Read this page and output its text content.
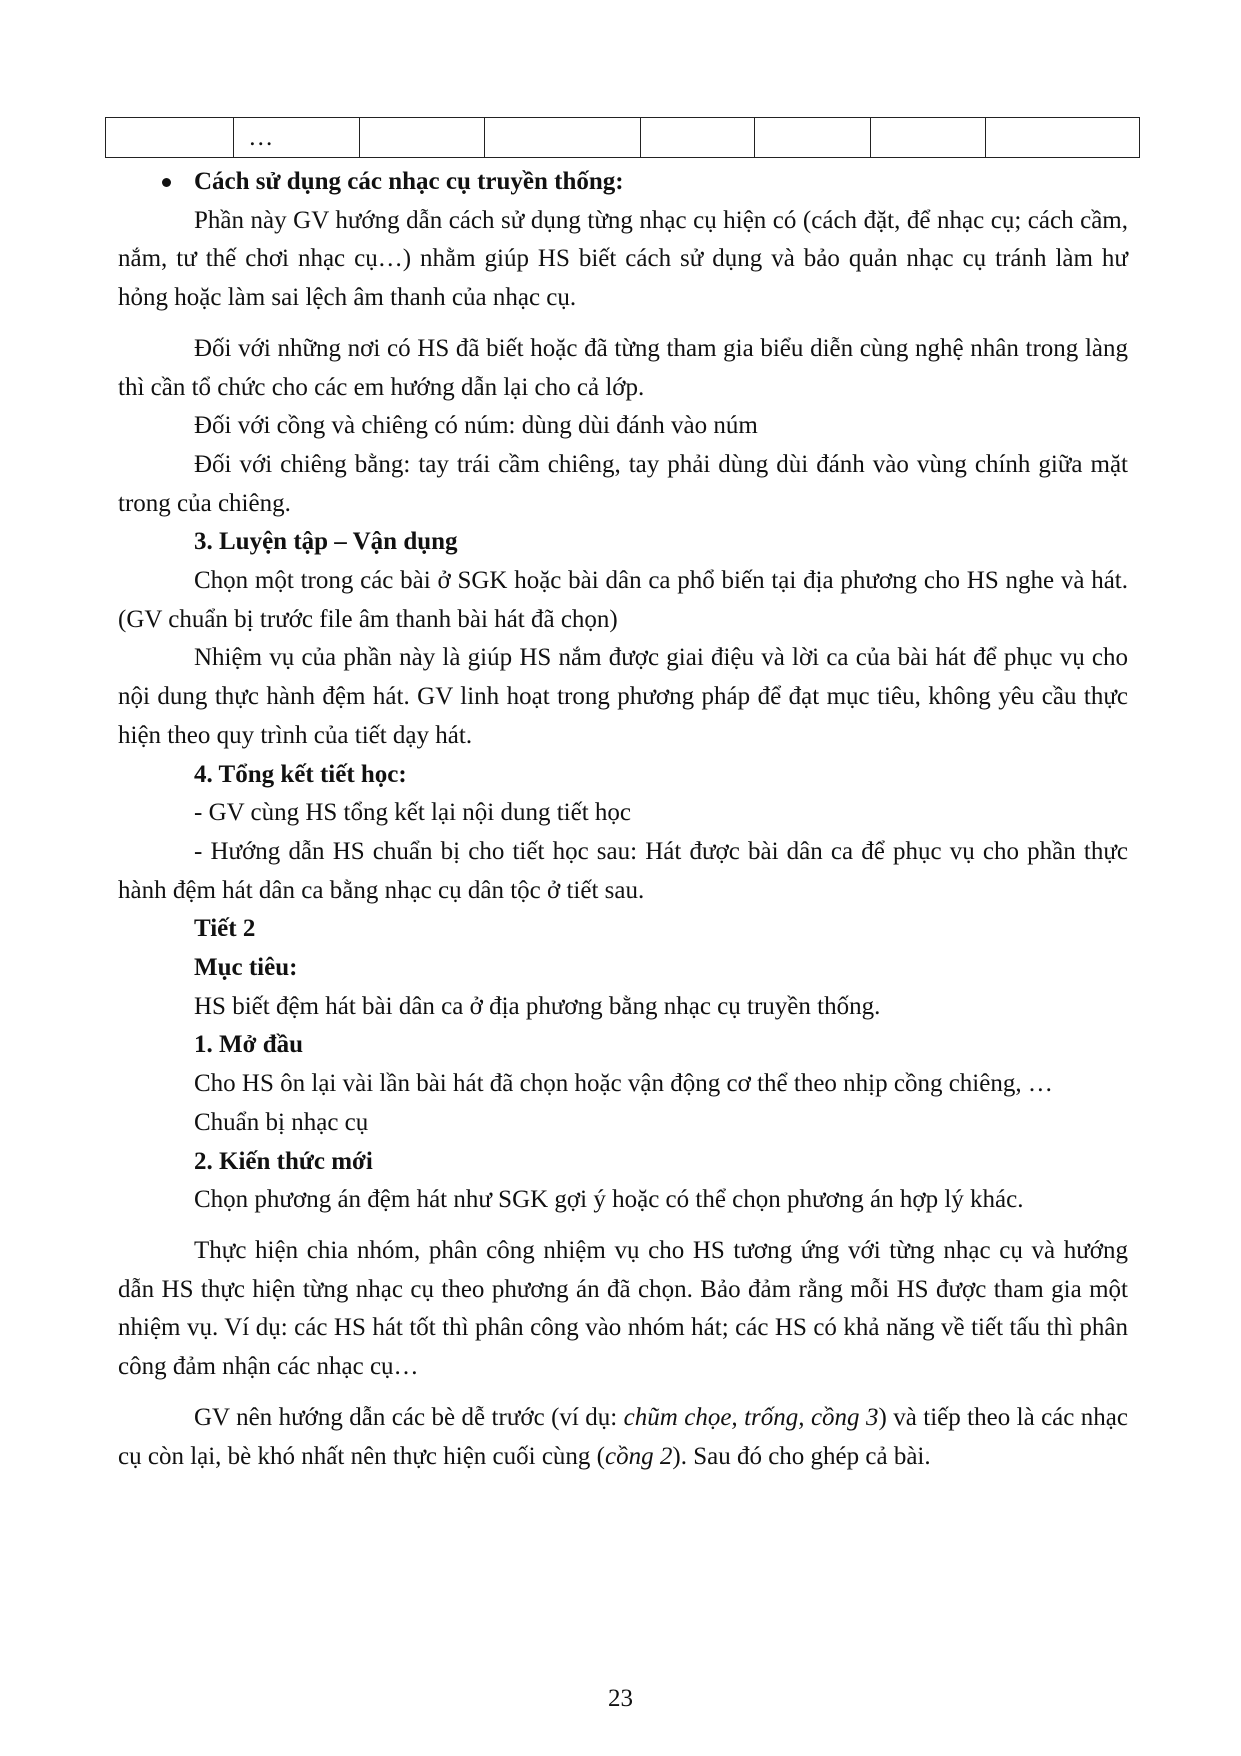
	…						

Cách sử dụng các nhạc cụ truyền thống:

Phần này GV hướng dẫn cách sử dụng từng nhạc cụ hiện có (cách đặt, để nhạc cụ; cách cầm, nắm, tư thế chơi nhạc cụ…) nhằm giúp HS biết cách sử dụng và bảo quản nhạc cụ tránh làm hư hỏng hoặc làm sai lệch âm thanh của nhạc cụ.

Đối với những nơi có HS đã biết hoặc đã từng tham gia biểu diễn cùng nghệ nhân trong làng thì cần tổ chức cho các em hướng dẫn lại cho cả lớp.

Đối với cồng và chiêng có núm: dùng dùi đánh vào núm

Đối với chiêng bằng: tay trái cầm chiêng, tay phải dùng dùi đánh vào vùng chính giữa mặt trong của chiêng.

3. Luyện tập – Vận dụng

Chọn một trong các bài ở SGK hoặc bài dân ca phổ biến tại địa phương cho HS nghe và hát. (GV chuẩn bị trước file âm thanh bài hát đã chọn)

Nhiệm vụ của phần này là giúp HS nắm được giai điệu và lời ca của bài hát để phục vụ cho nội dung thực hành đệm hát. GV linh hoạt trong phương pháp để đạt mục tiêu, không yêu cầu thực hiện theo quy trình của tiết dạy hát.

4. Tổng kết tiết học:

- GV cùng HS tổng kết lại nội dung tiết học

- Hướng dẫn HS chuẩn bị cho tiết học sau: Hát được bài dân ca để phục vụ cho phần thực hành đệm hát dân ca bằng nhạc cụ dân tộc ở tiết sau.

Tiết 2

Mục tiêu:

HS biết đệm hát bài dân ca ở địa phương bằng nhạc cụ truyền thống.

1. Mở đầu

Cho HS ôn lại vài lần bài hát đã chọn hoặc vận động cơ thể theo nhịp cồng chiêng, …

Chuẩn bị nhạc cụ

2. Kiến thức mới

Chọn phương án đệm hát như SGK gợi ý hoặc có thể chọn phương án hợp lý khác.

Thực hiện chia nhóm, phân công nhiệm vụ cho HS tương ứng với từng nhạc cụ và hướng dẫn HS thực hiện từng nhạc cụ theo phương án đã chọn. Bảo đảm rằng mỗi HS được tham gia một nhiệm vụ. Ví dụ: các HS hát tốt thì phân công vào nhóm hát; các HS có khả năng về tiết tấu thì phân công đảm nhận các nhạc cụ…

GV nên hướng dẫn các bè dễ trước (ví dụ: chũm chọe, trống, cồng 3) và tiếp theo là các nhạc cụ còn lại, bè khó nhất nên thực hiện cuối cùng (cồng 2). Sau đó cho ghép cả bài.

23
